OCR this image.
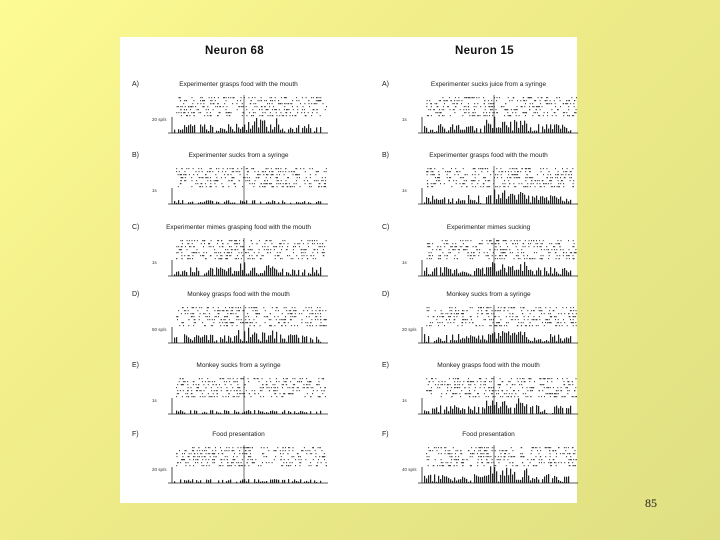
Neuron 68	Neuron 15
A)	Experimenter grasps food with the mouth
20 sp/s
B)	Experimenter sucks from a syringe
1s
C)	Experimenter mimes grasping food with the mouth
1s
D)	Monkey grasps food with the mouth
50 sp/s
E)	Monkey sucks from a syringe
1s
F)	Food presentation
20 sp/s
A)	Experimenter sucks juice from a syringe
1s
B)	Experimenter grasps food with the mouth
1s
C)	Experimenter mimes sucking
1s
D)	Monkey sucks from a syringe
20 sp/s
E)	Monkey grasps food with the mouth
1s
F)	Food presentation
40 sp/s
85
